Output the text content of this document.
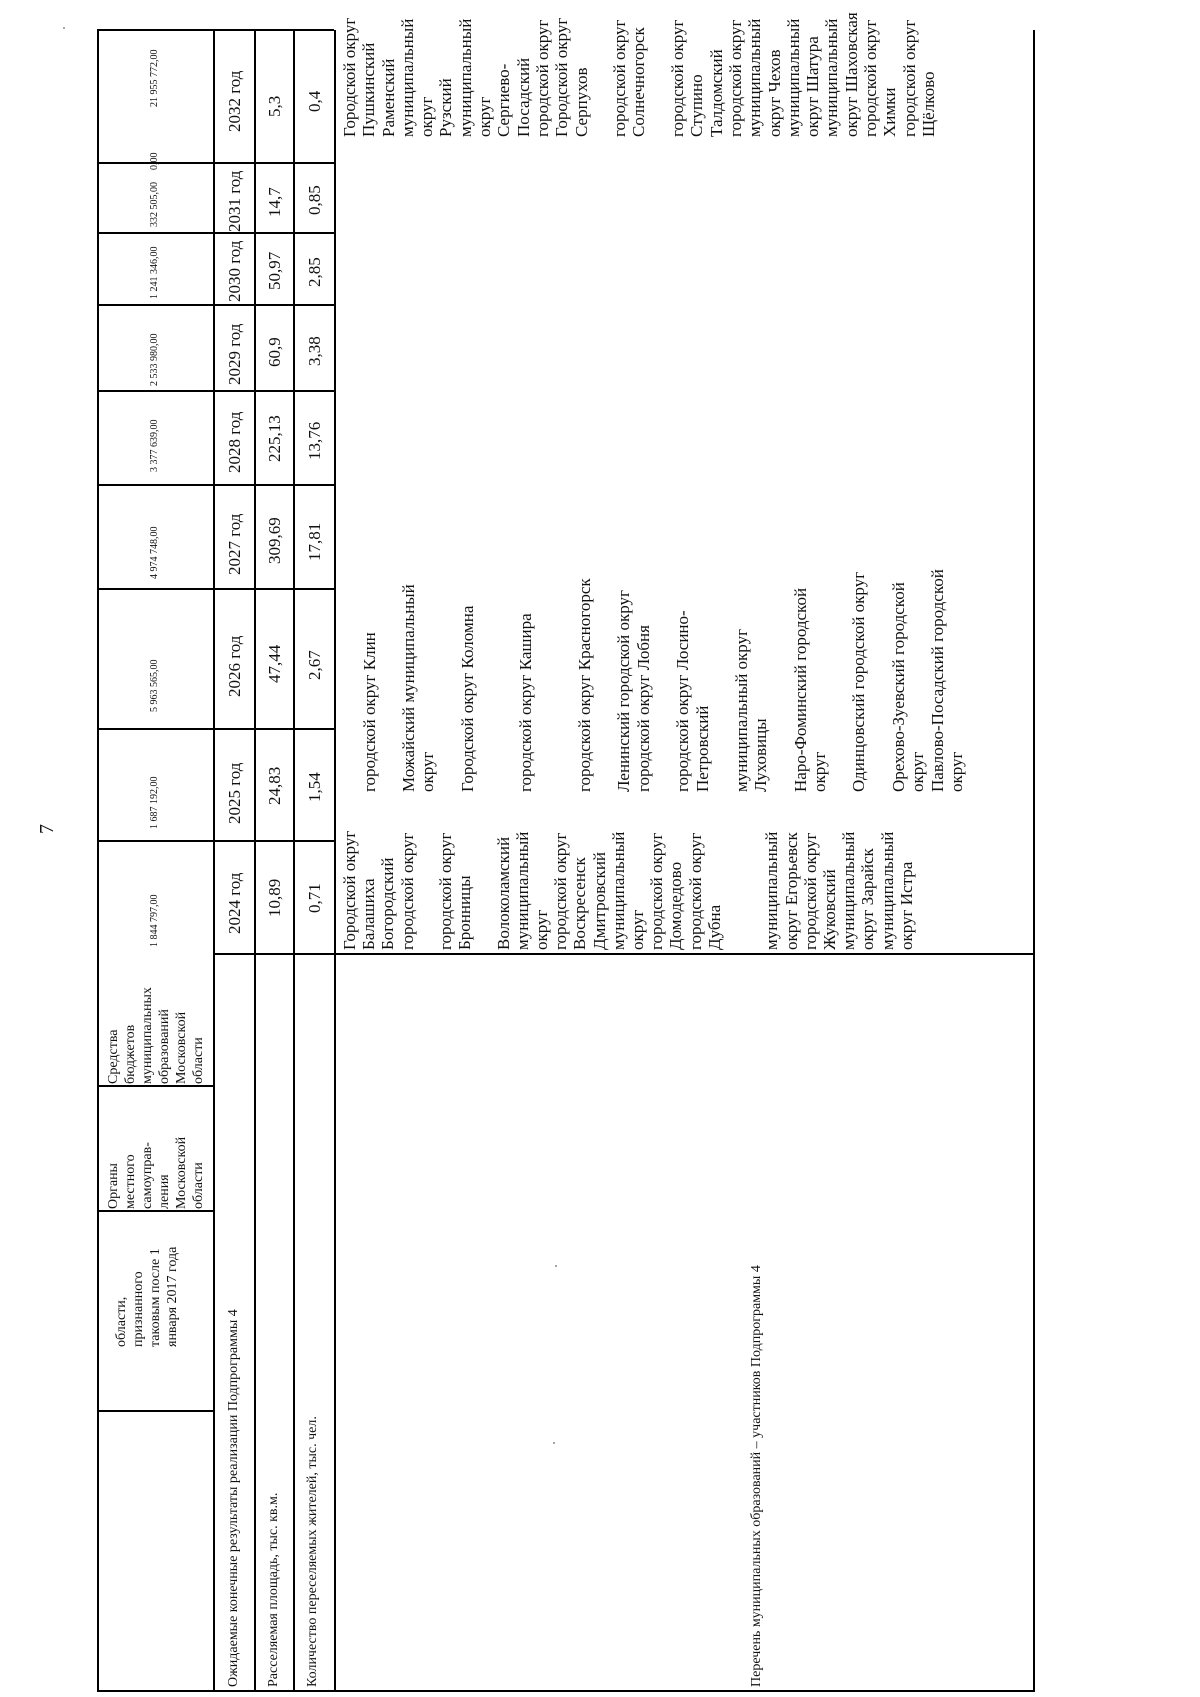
7
области, признанного таковым после 1 января 2017 года
Органы местного самоуправ- ления Московской области
Средства бюджетов муниципальных образований Московской области
1 844 797,00
1 687 192,00
5 963 565,00
4 974 748,00
3 377 639,00
2 533 980,00
1 241 346,00
332 505,00
0,00
21 955 772,00
Ожидаемые конечные результаты реализации Подпрограммы 4
2024 год
2025 год
2026 год
2027 год
2028 год
2029 год
2030 год
2031 год
2032 год
Расселяемая площадь, тыс. кв.м.
10,89
24,83
47,44
309,69
225,13
60,9
50,97
14,7
5,3
Количество переселяемых жителей, тыс. чел.
0,71
1,54
2,67
17,81
13,76
3,38
2,85
0,85
0,4
Перечень муниципальных образований – участников Подпрограммы 4
Городской округ Балашиха Богородский городской округ
городской округ Бронницы
Волоколамский муниципальный округ городской округ Воскресенск Дмитровский муниципальный округ городской округ Домодедово городской округ Дубна

муниципальный округ Егорьевск городской округ Жуковский муниципальный округ Зарайск муниципальный округ Истра

городской округ Клин
Можайский муниципальный округ
Городской округ Коломна

городской округ Кашира

городской округ Красногорск
Ленинский городской округ городской округ Лобня
городской округ Лосино- Петровский
муниципальный округ Луховицы
Наро-Фоминский городской округ
Одинцовский городской округ
Орехово-Зуевский городской округ Павлово-Посадский городской округ
Городской округ Пушкинский Раменский муниципальный округ Рузский муниципальный округ Сергиево- Посадский городской округ Городской округ Серпухов
городской округ Солнечногорск
городской округ Ступино Талдомский городской округ муниципальный округ Чехов муниципальный округ Шатура муниципальный округ Шаховская городской округ Химки городской округ Щёлково
